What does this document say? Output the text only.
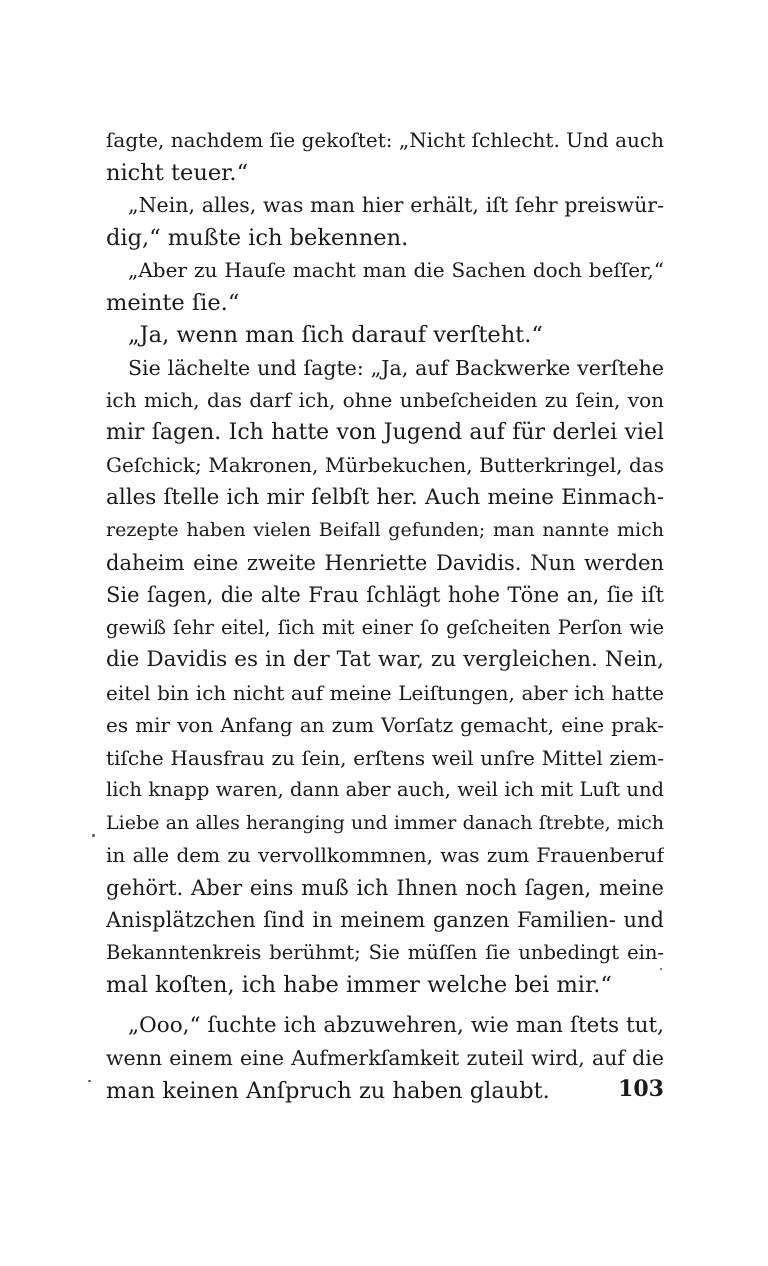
ſagte, nachdem ſie gekoſtet: „Nicht ſchlecht. Und auch
nicht teuer.“
„Nein, alles, was man hier erhält, iſt ſehr preiswür-
dig,“ mußte ich bekennen.
„Aber zu Hauſe macht man die Sachen doch beſſer,“
meinte ſie.“
„Ja, wenn man ſich darauf verſteht.“
Sie lächelte und ſagte: „Ja, auf Backwerke verſtehe
ich mich, das darf ich, ohne unbeſcheiden zu ſein, von
mir ſagen. Ich hatte von Jugend auf für derlei viel
Geſchick; Makronen, Mürbekuchen, Butterkringel, das
alles ſtelle ich mir ſelbſt her. Auch meine Einmach-
rezepte haben vielen Beifall gefunden; man nannte mich
daheim eine zweite Henriette Davidis. Nun werden
Sie ſagen, die alte Frau ſchlägt hohe Töne an, ſie iſt
gewiß ſehr eitel, ſich mit einer ſo geſcheiten Perſon wie
die Davidis es in der Tat war, zu vergleichen. Nein,
eitel bin ich nicht auf meine Leiſtungen, aber ich hatte
es mir von Anfang an zum Vorſatz gemacht, eine prak-
tiſche Hausfrau zu ſein, erſtens weil unſre Mittel ziem-
lich knapp waren, dann aber auch, weil ich mit Luſt und
Liebe an alles heranging und immer danach ſtrebte, mich
in alle dem zu vervollkommnen, was zum Frauenberuf
gehört. Aber eins muß ich Ihnen noch ſagen, meine
Anisplätzchen ſind in meinem ganzen Familien- und
Bekanntenkreis berühmt; Sie müſſen ſie unbedingt ein-
mal koſten, ich habe immer welche bei mir.“
„Ooo,“ ſuchte ich abzuwehren, wie man ſtets tut,
wenn einem eine Aufmerkſamkeit zuteil wird, auf die
man keinen Anſpruch zu haben glaubt.	103
